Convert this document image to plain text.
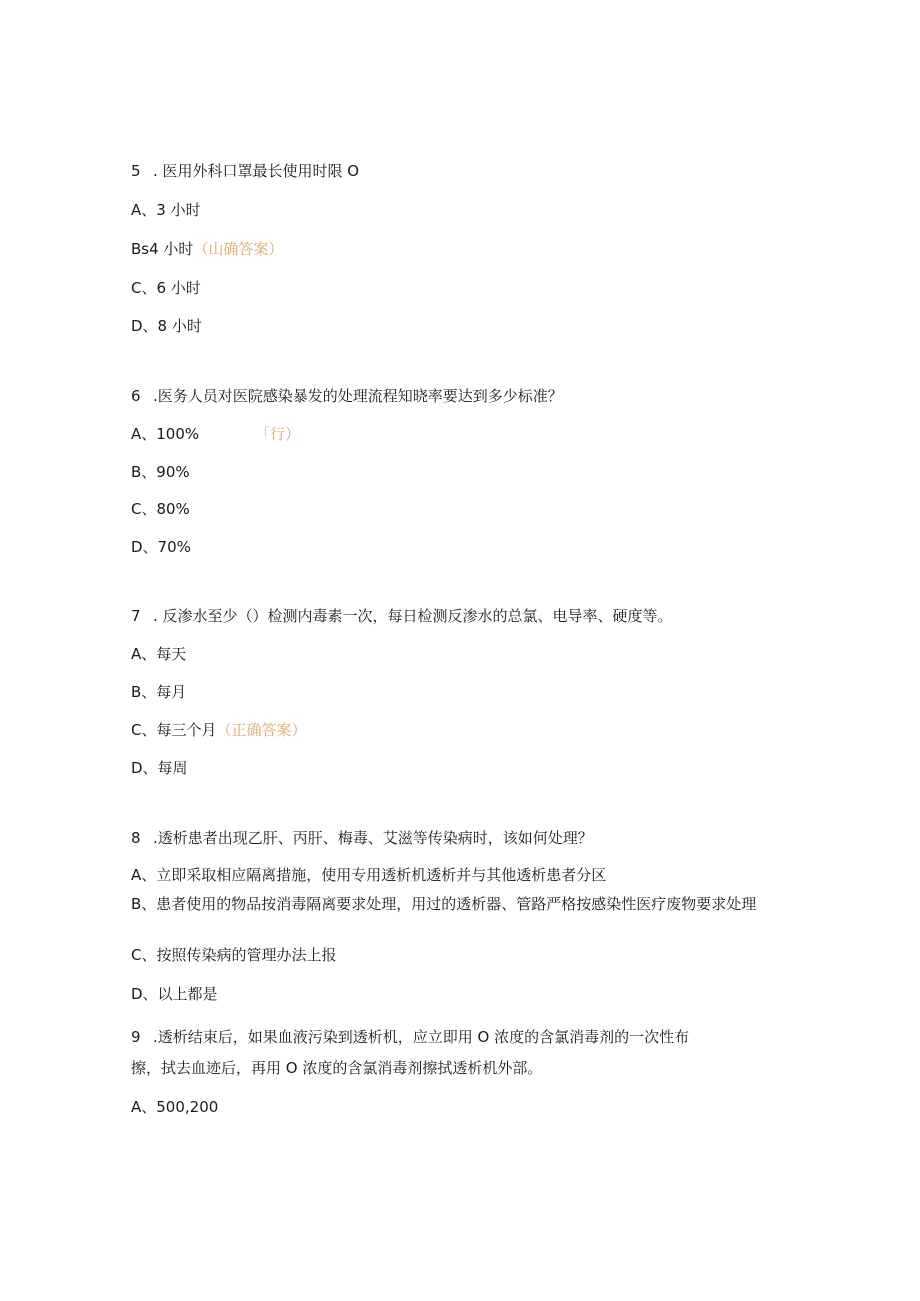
5 . 医用外科口罩最长使用时限 O
A、3 小时
Bs4 小时（山确答案）
C、6 小时
D、8 小时
6 .医务人员对医院感染暴发的处理流程知晓率要达到多少标准？
A、100%	「行）
B、90%
C、80%
D、70%
7 . 反渗水至少（）检测内毒素一次，每日检测反渗水的总氯、电导率、硬度等。
A、每天
B、每月
C、每三个月（正确答案）
D、每周
8 .透析患者出现乙肝、丙肝、梅毒、艾滋等传染病时，该如何处理？
A、立即采取相应隔离措施，使用专用透析机透析并与其他透析患者分区
B、患者使用的物品按消毒隔离要求处理，用过的透析器、管路严格按感染性医疗废物要求处理
C、按照传染病的管理办法上报
D、以上都是
9 .透析结束后，如果血液污染到透析机，应立即用 O 浓度的含氯消毒剂的一次性布
擦，拭去血迹后，再用 O 浓度的含氯消毒剂擦拭透析机外部。
A、500,200
